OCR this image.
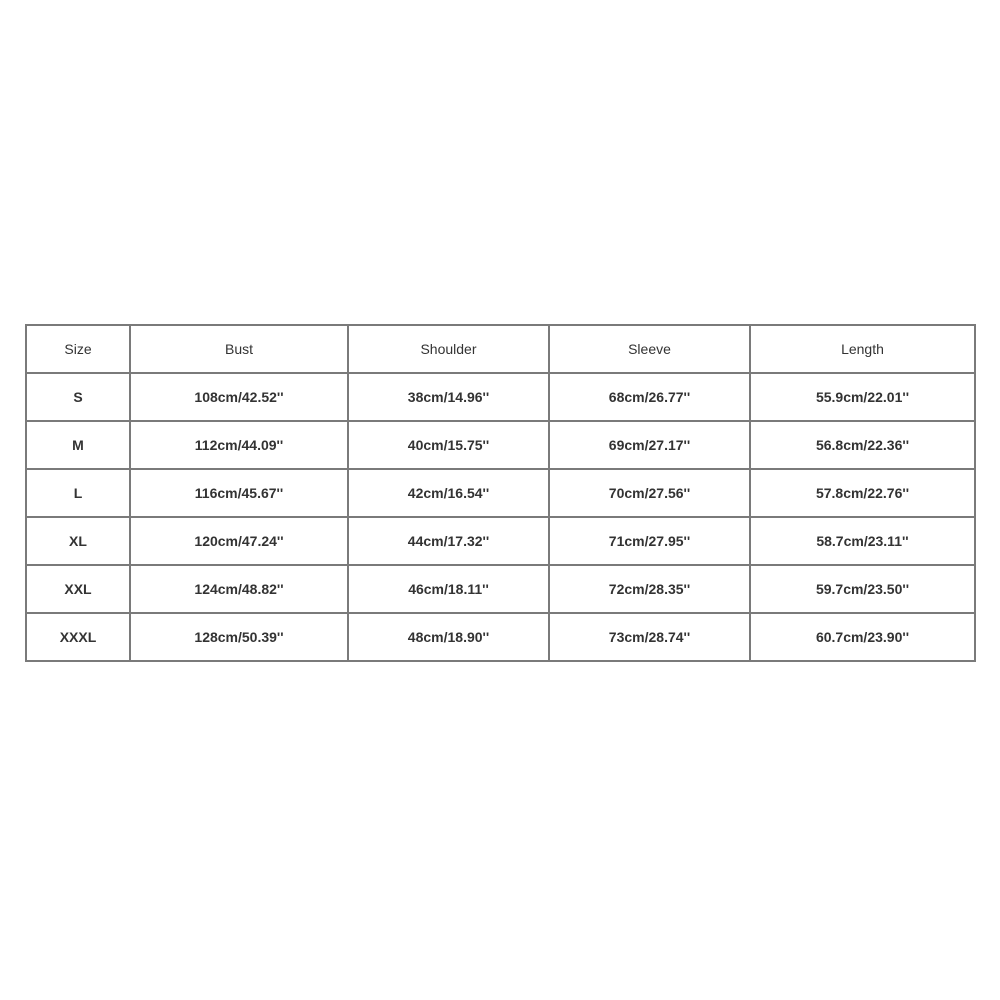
Size	Bust	Shoulder	Sleeve	Length
S	108cm/42.52''	38cm/14.96''	68cm/26.77''	55.9cm/22.01''
M	112cm/44.09''	40cm/15.75''	69cm/27.17''	56.8cm/22.36''
L	116cm/45.67''	42cm/16.54''	70cm/27.56''	57.8cm/22.76''
XL	120cm/47.24''	44cm/17.32''	71cm/27.95''	58.7cm/23.11''
XXL	124cm/48.82''	46cm/18.11''	72cm/28.35''	59.7cm/23.50''
XXXL	128cm/50.39''	48cm/18.90''	73cm/28.74''	60.7cm/23.90''
